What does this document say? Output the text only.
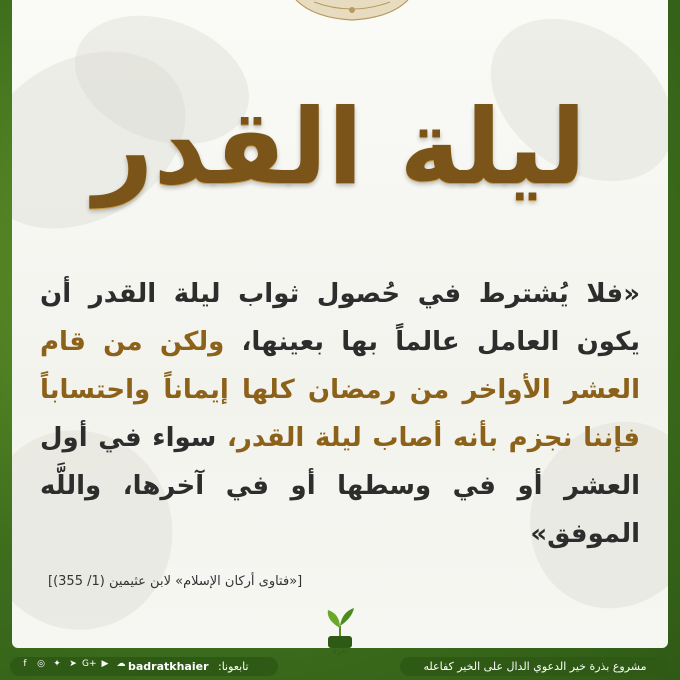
ليلة القدر
«فلا يُشترط في حُصول ثواب ليلة القدر أن يكون العامل عالماً بها بعينها، ولكن من قام العشر الأواخر من رمضان كلها إيماناً واحتساباً فإننا نجزم بأنه أصاب ليلة القدر، سواء في أول العشر أو في وسطها أو في آخرها، واللَّه الموفق»
[«فتاوى أركان الإسلام» لابن عثيمين (1/ 355)]
بذرة
f	◎ ✦ ➤ G+ ▶ ☁ badratkhaier تابعونا:	مشروع بذرة خير الدعوي الدال على الخير كفاعله
